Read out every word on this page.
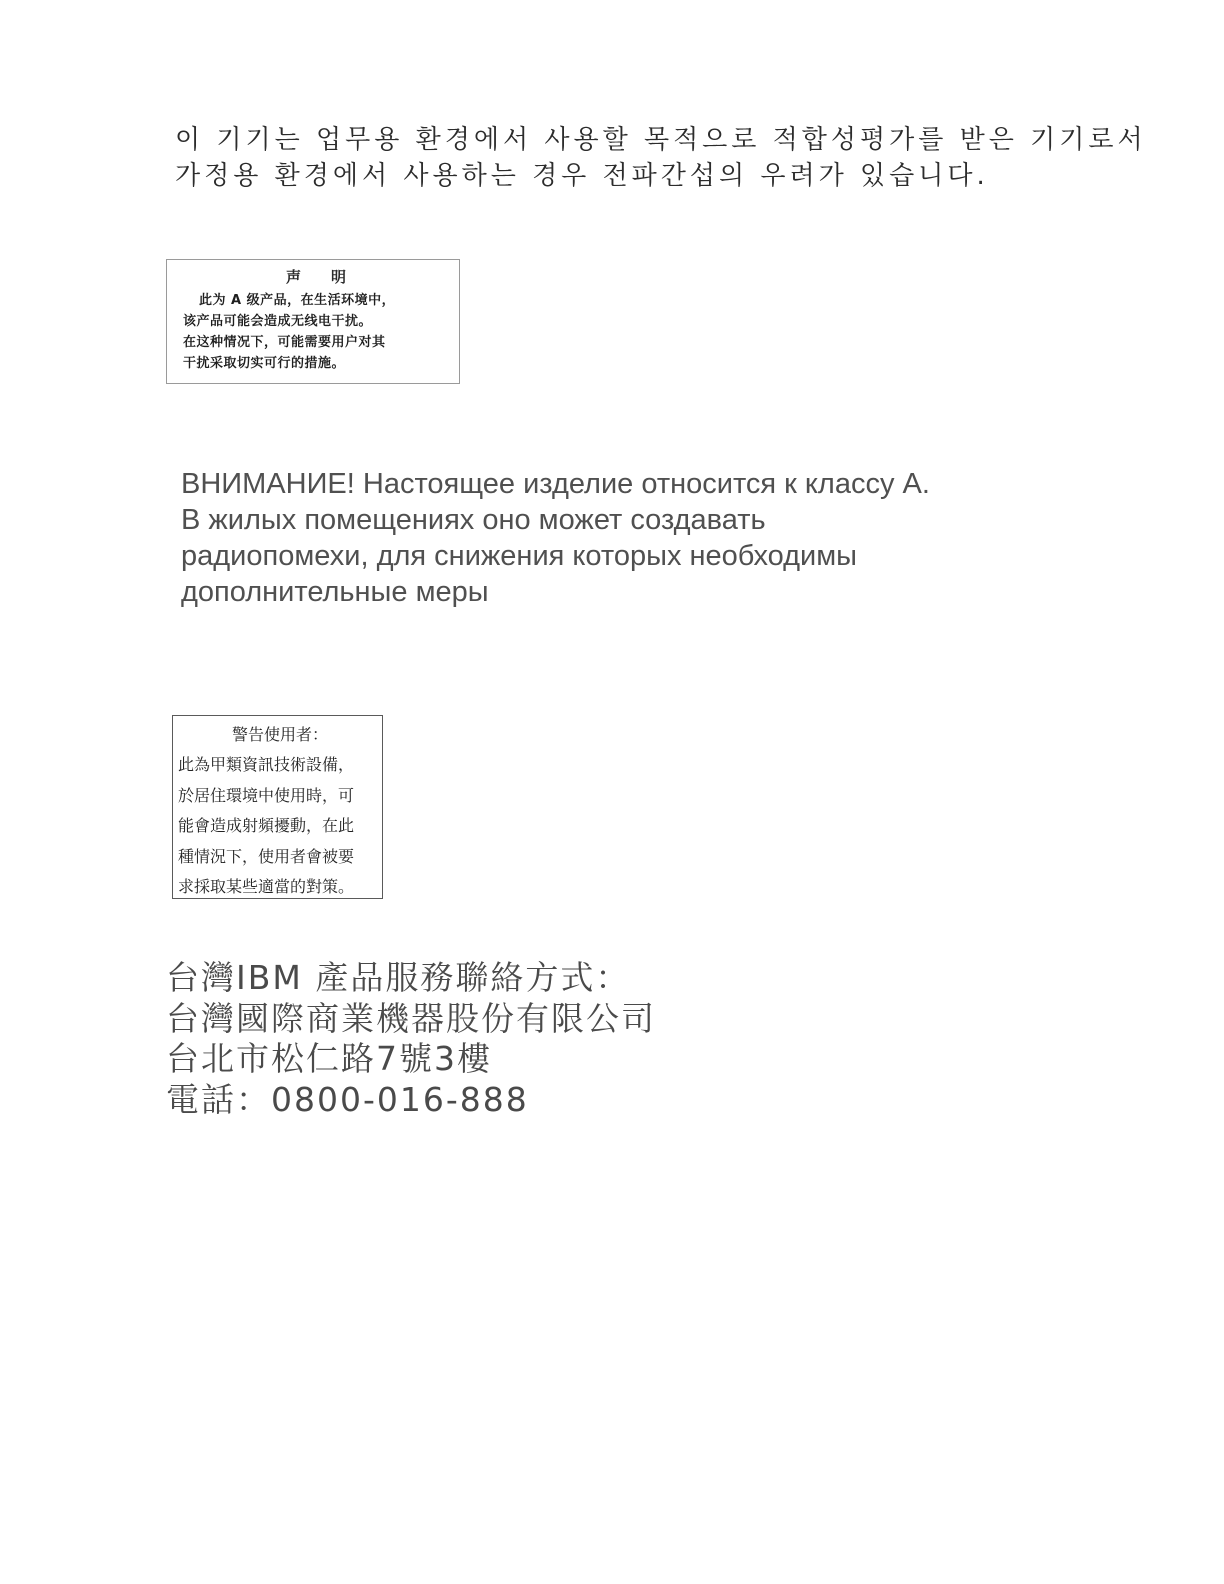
이 기기는 업무용 환경에서 사용할 목적으로 적합성평가를 받은 기기로서
가정용 환경에서 사용하는 경우 전파간섭의 우려가 있습니다.
声明
此为 A 级产品，在生活环境中，
该产品可能会造成无线电干扰。
在这种情况下，可能需要用户对其
干扰采取切实可行的措施。
ВНИМАНИЕ! Настоящее изделие относится к классу А.
В жилых помещениях оно может создавать
радиопомехи, для снижения которых необходимы
дополнительные меры
警告使用者：
此為甲類資訊技術設備，
於居住環境中使用時，可
能會造成射頻擾動，在此
種情況下，使用者會被要
求採取某些適當的對策。
台灣IBM 產品服務聯絡方式：
台灣國際商業機器股份有限公司
台北市松仁路7號3樓
電話：0800-016-888
